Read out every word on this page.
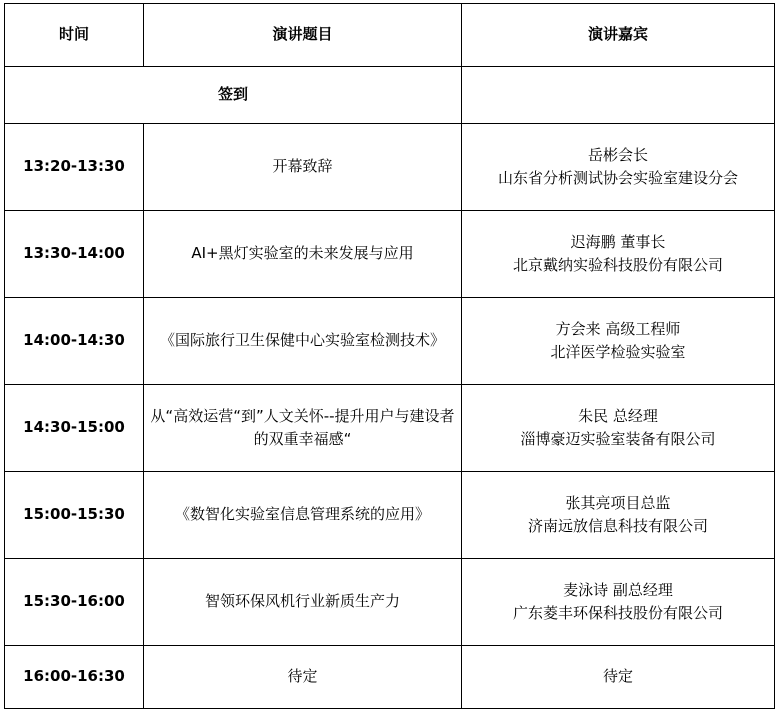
时间	演讲题目	演讲嘉宾
签到		
13:20-13:30	开幕致辞	岳彬会长
山东省分析测试协会实验室建设分会

13:30-14:00	AI+黑灯实验室的未来发展与应用	迟海鹏 董事长
北京戴纳实验科技股份有限公司

14:00-14:30	《国际旅行卫生保健中心实验室检测技术》	方会来 高级工程师
北洋医学检验实验室

14:30-15:00	从“高效运营“到”人文关怀--提升用户与建设者的双重幸福感“	朱民 总经理
淄博豪迈实验室装备有限公司

15:00-15:30	《数智化实验室信息管理系统的应用》	张其亮项目总监
济南远放信息科技有限公司

15:30-16:00	智领环保风机行业新质生产力	麦泳诗 副总经理
广东菱丰环保科技股份有限公司

16:00-16:30	待定	待定
